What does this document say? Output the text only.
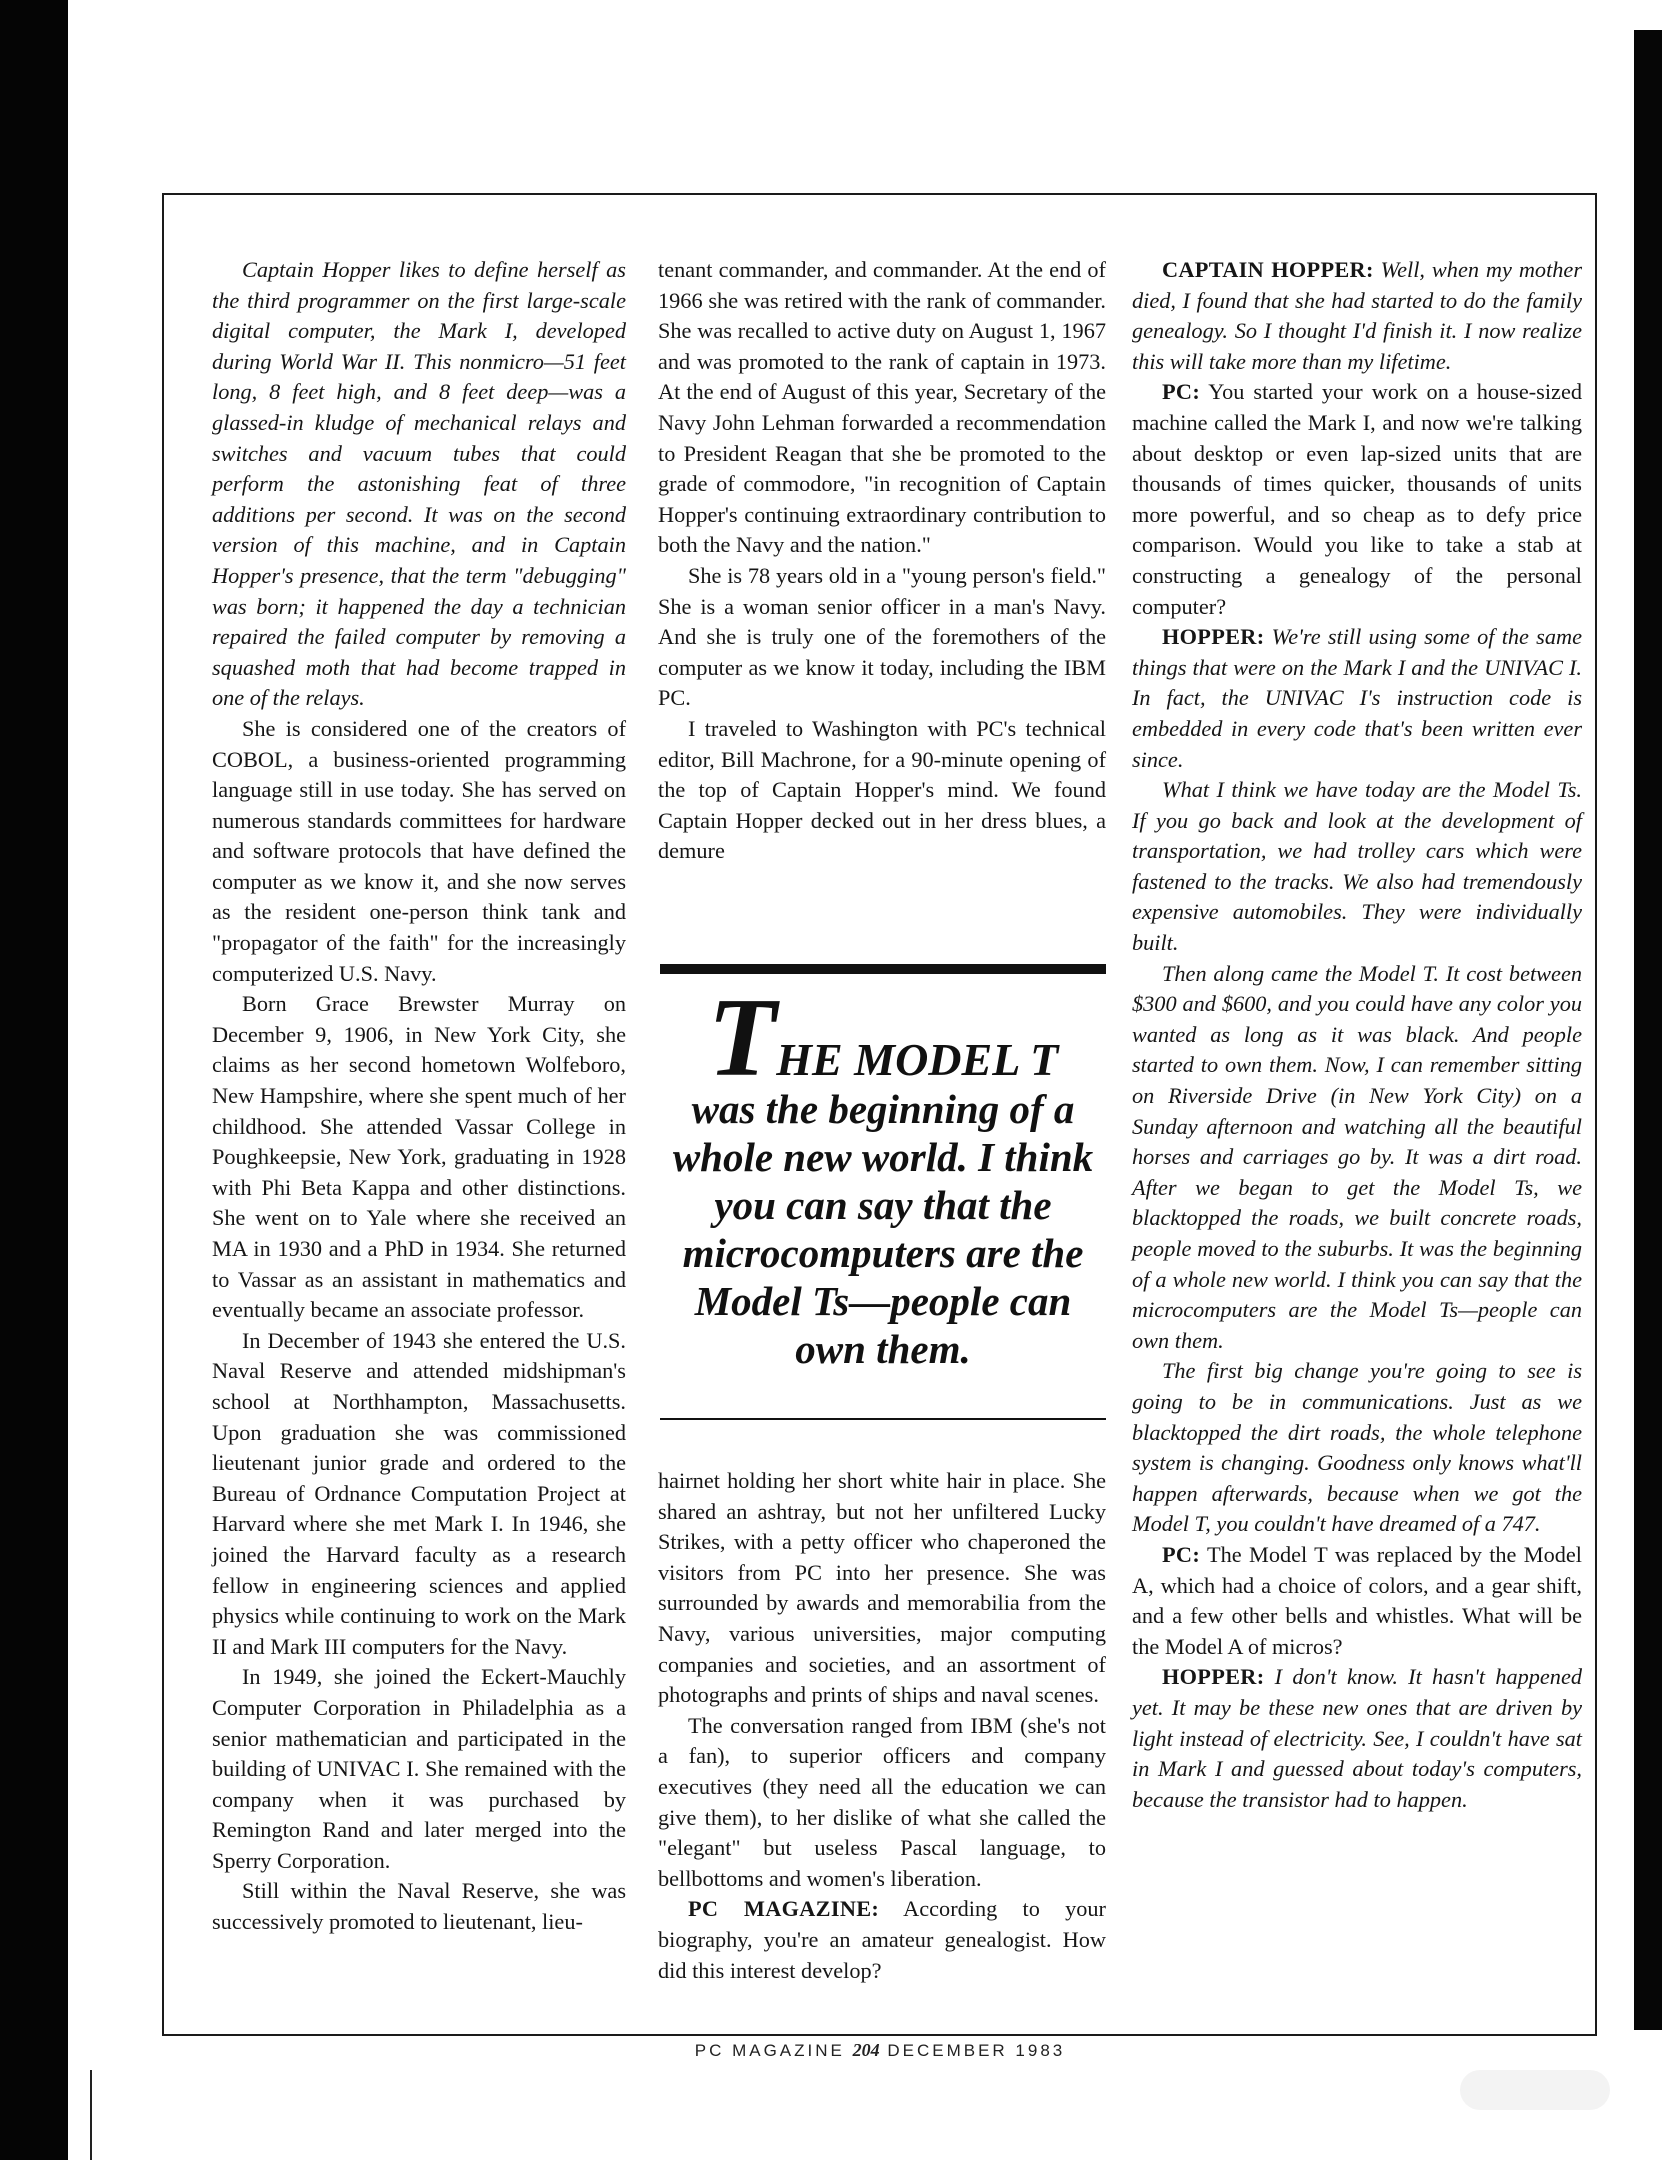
Captain Hopper likes to define herself as the third programmer on the first large-scale digital computer, the Mark I, developed during World War II. This nonmicro—51 feet long, 8 feet high, and 8 feet deep—was a glassed-in kludge of mechanical relays and switches and vacuum tubes that could perform the astonishing feat of three additions per second. It was on the second version of this machine, and in Captain Hopper's presence, that the term "debugging" was born; it happened the day a technician repaired the failed computer by removing a squashed moth that had become trapped in one of the relays.

She is considered one of the creators of COBOL, a business-oriented programming language still in use today. She has served on numerous standards committees for hardware and software protocols that have defined the computer as we know it, and she now serves as the resident one-person think tank and "propagator of the faith" for the increasingly computerized U.S. Navy.

Born Grace Brewster Murray on December 9, 1906, in New York City, she claims as her second hometown Wolfeboro, New Hampshire, where she spent much of her childhood. She attended Vassar College in Poughkeepsie, New York, graduating in 1928 with Phi Beta Kappa and other distinctions. She went on to Yale where she received an MA in 1930 and a PhD in 1934. She returned to Vassar as an assistant in mathematics and eventually became an associate professor.

In December of 1943 she entered the U.S. Naval Reserve and attended midshipman's school at Northhampton, Massachusetts. Upon graduation she was commissioned lieutenant junior grade and ordered to the Bureau of Ordnance Computation Project at Harvard where she met Mark I. In 1946, she joined the Harvard faculty as a research fellow in engineering sciences and applied physics while continuing to work on the Mark II and Mark III computers for the Navy.

In 1949, she joined the Eckert-Mauchly Computer Corporation in Philadelphia as a senior mathematician and participated in the building of UNIVAC I. She remained with the company when it was purchased by Remington Rand and later merged into the Sperry Corporation.

Still within the Naval Reserve, she was successively promoted to lieutenant, lieu-

tenant commander, and commander. At the end of 1966 she was retired with the rank of commander. She was recalled to active duty on August 1, 1967 and was promoted to the rank of captain in 1973. At the end of August of this year, Secretary of the Navy John Lehman forwarded a recommendation to President Reagan that she be promoted to the grade of commodore, "in recognition of Captain Hopper's continuing extraordinary contribution to both the Navy and the nation."

She is 78 years old in a "young person's field." She is a woman senior officer in a man's Navy. And she is truly one of the foremothers of the computer as we know it today, including the IBM PC.

I traveled to Washington with PC's technical editor, Bill Machrone, for a 90-minute opening of the top of Captain Hopper's mind. We found Captain Hopper decked out in her dress blues, a demure

THE MODEL T
was the beginning of a whole new world. I think you can say that the microcomputers are the Model Ts—people can own them.

hairnet holding her short white hair in place. She shared an ashtray, but not her unfiltered Lucky Strikes, with a petty officer who chaperoned the visitors from PC into her presence. She was surrounded by awards and memorabilia from the Navy, various universities, major computing companies and societies, and an assortment of photographs and prints of ships and naval scenes.

The conversation ranged from IBM (she's not a fan), to superior officers and company executives (they need all the education we can give them), to her dislike of what she called the "elegant" but useless Pascal language, to bellbottoms and women's liberation.

PC MAGAZINE: According to your biography, you're an amateur genealogist. How did this interest develop?

CAPTAIN HOPPER: Well, when my mother died, I found that she had started to do the family genealogy. So I thought I'd finish it. I now realize this will take more than my lifetime.

PC: You started your work on a house-sized machine called the Mark I, and now we're talking about desktop or even lap-sized units that are thousands of times quicker, thousands of units more powerful, and so cheap as to defy price comparison. Would you like to take a stab at constructing a genealogy of the personal computer?

HOPPER: We're still using some of the same things that were on the Mark I and the UNIVAC I. In fact, the UNIVAC I's instruction code is embedded in every code that's been written ever since.

What I think we have today are the Model Ts. If you go back and look at the development of transportation, we had trolley cars which were fastened to the tracks. We also had tremendously expensive automobiles. They were individually built.

Then along came the Model T. It cost between $300 and $600, and you could have any color you wanted as long as it was black. And people started to own them. Now, I can remember sitting on Riverside Drive (in New York City) on a Sunday afternoon and watching all the beautiful horses and carriages go by. It was a dirt road. After we began to get the Model Ts, we blacktopped the roads, we built concrete roads, people moved to the suburbs. It was the beginning of a whole new world. I think you can say that the microcomputers are the Model Ts—people can own them.

The first big change you're going to see is going to be in communications. Just as we blacktopped the dirt roads, the whole telephone system is changing. Goodness only knows what'll happen afterwards, because when we got the Model T, you couldn't have dreamed of a 747.

PC: The Model T was replaced by the Model A, which had a choice of colors, and a gear shift, and a few other bells and whistles. What will be the Model A of micros?

HOPPER: I don't know. It hasn't happened yet. It may be these new ones that are driven by light instead of electricity. See, I couldn't have sat in Mark I and guessed about today's computers, because the transistor had to happen.

PC MAGAZINE 204 DECEMBER 1983
